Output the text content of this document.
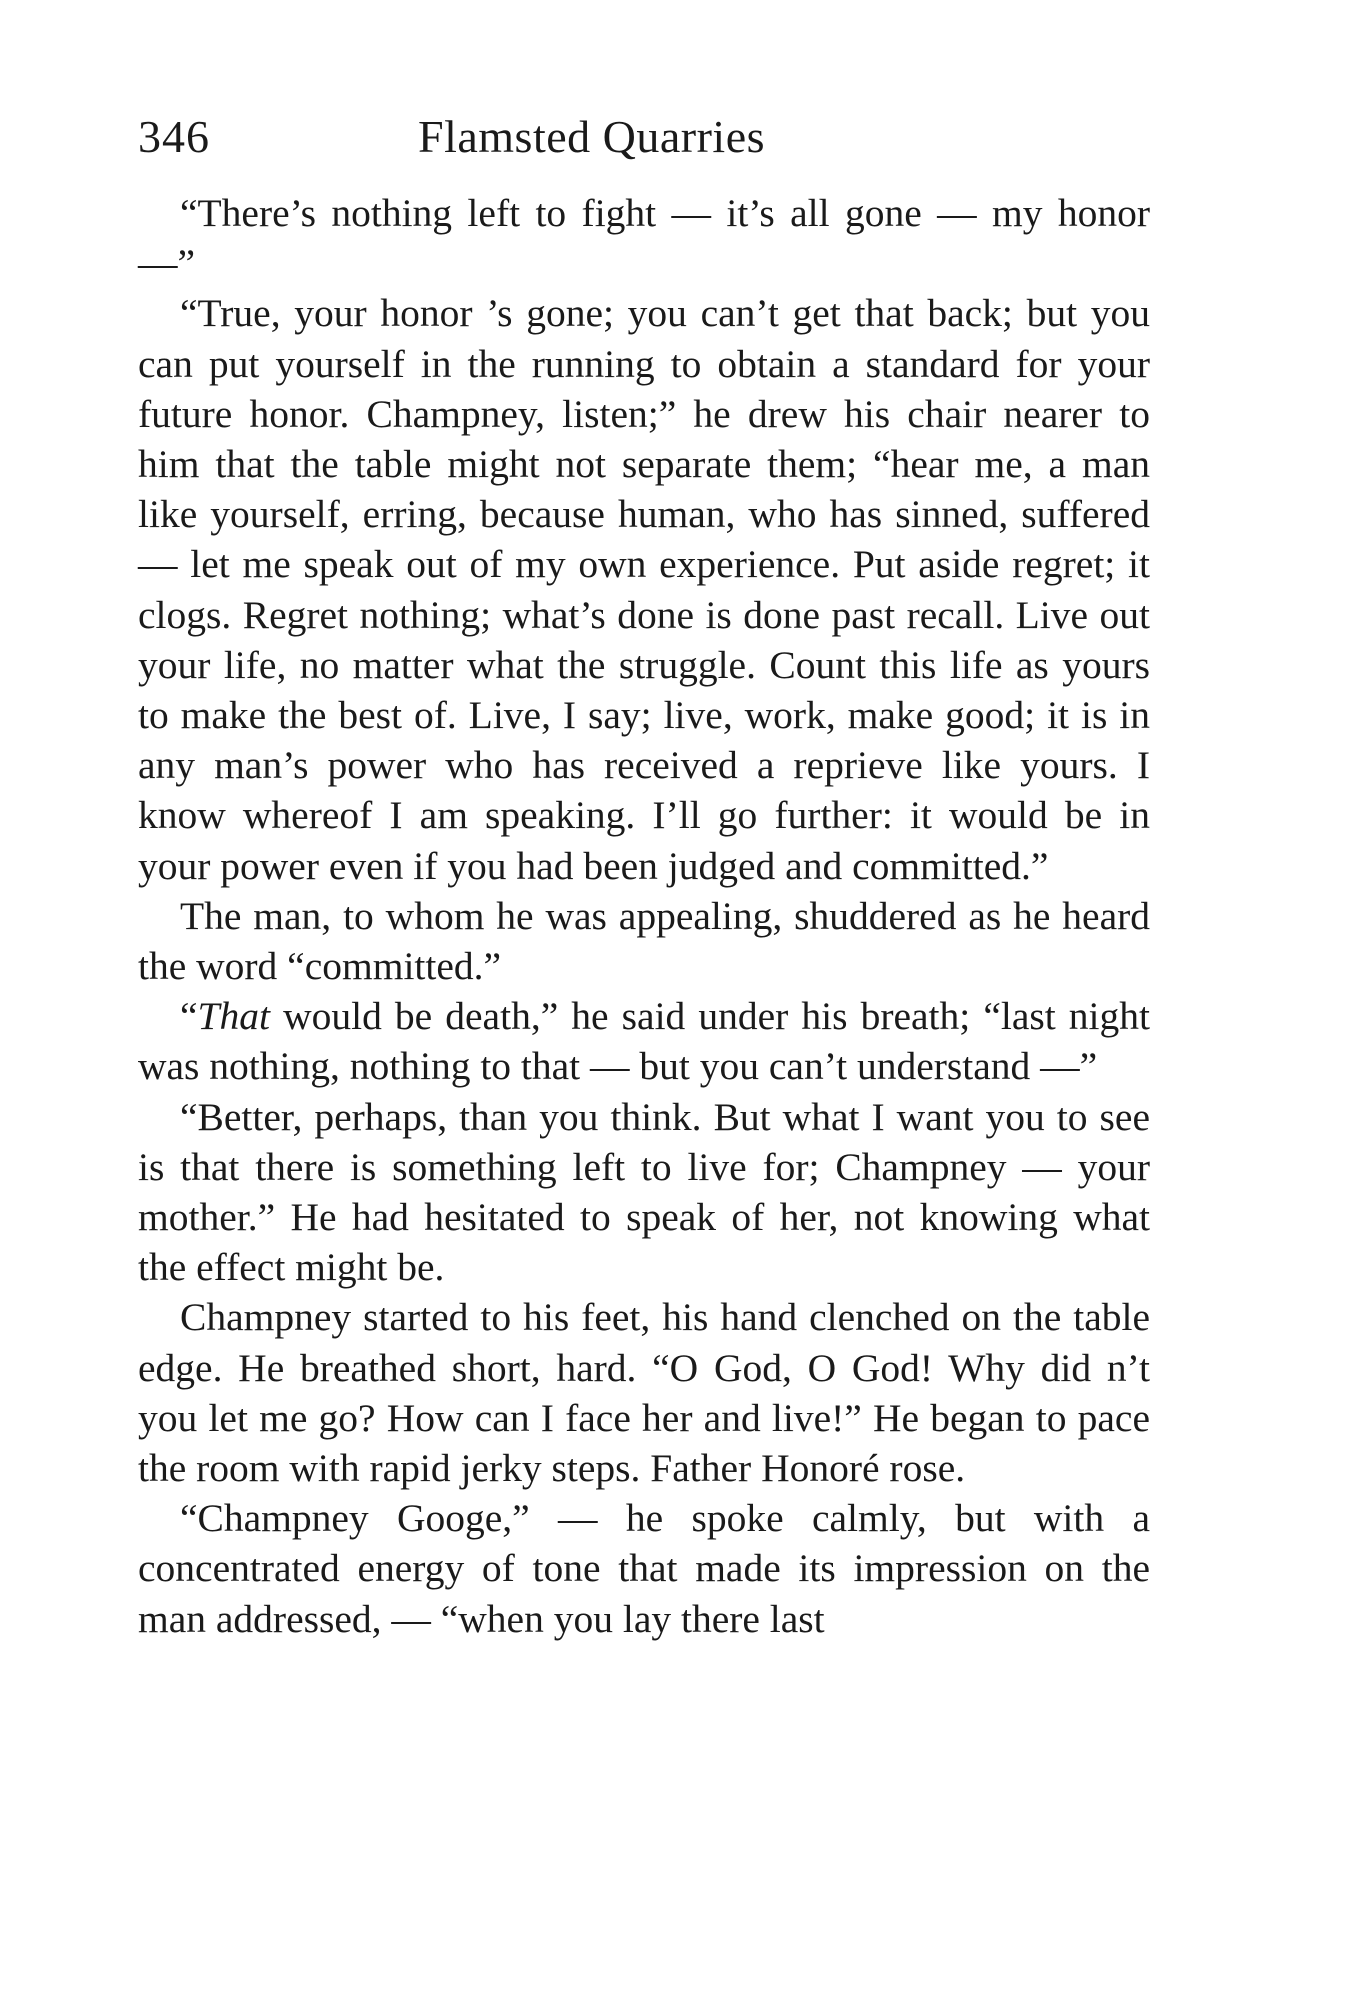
346	Flamsted Quarries

“There’s nothing left to fight — it’s all gone — my honor —”

“True, your honor ’s gone; you can’t get that back; but you can put yourself in the running to obtain a standard for your future honor. Champney, listen;” he drew his chair nearer to him that the table might not separate them; “hear me, a man like yourself, erring, because human, who has sinned, suffered — let me speak out of my own experience. Put aside regret; it clogs. Regret nothing; what’s done is done past recall. Live out your life, no matter what the struggle. Count this life as yours to make the best of. Live, I say; live, work, make good; it is in any man’s power who has received a reprieve like yours. I know whereof I am speaking. I’ll go further: it would be in your power even if you had been judged and committed.”

The man, to whom he was appealing, shuddered as he heard the word “committed.”

“That would be death,” he said under his breath; “last night was nothing, nothing to that — but you can’t understand —”

“Better, perhaps, than you think. But what I want you to see is that there is something left to live for; Champney — your mother.” He had hesitated to speak of her, not knowing what the effect might be.

Champney started to his feet, his hand clenched on the table edge. He breathed short, hard. “O God, O God! Why did n’t you let me go? How can I face her and live!” He began to pace the room with rapid jerky steps. Father Honoré rose.

“Champney Googe,” — he spoke calmly, but with a concentrated energy of tone that made its impression on the man addressed, — “when you lay there last
